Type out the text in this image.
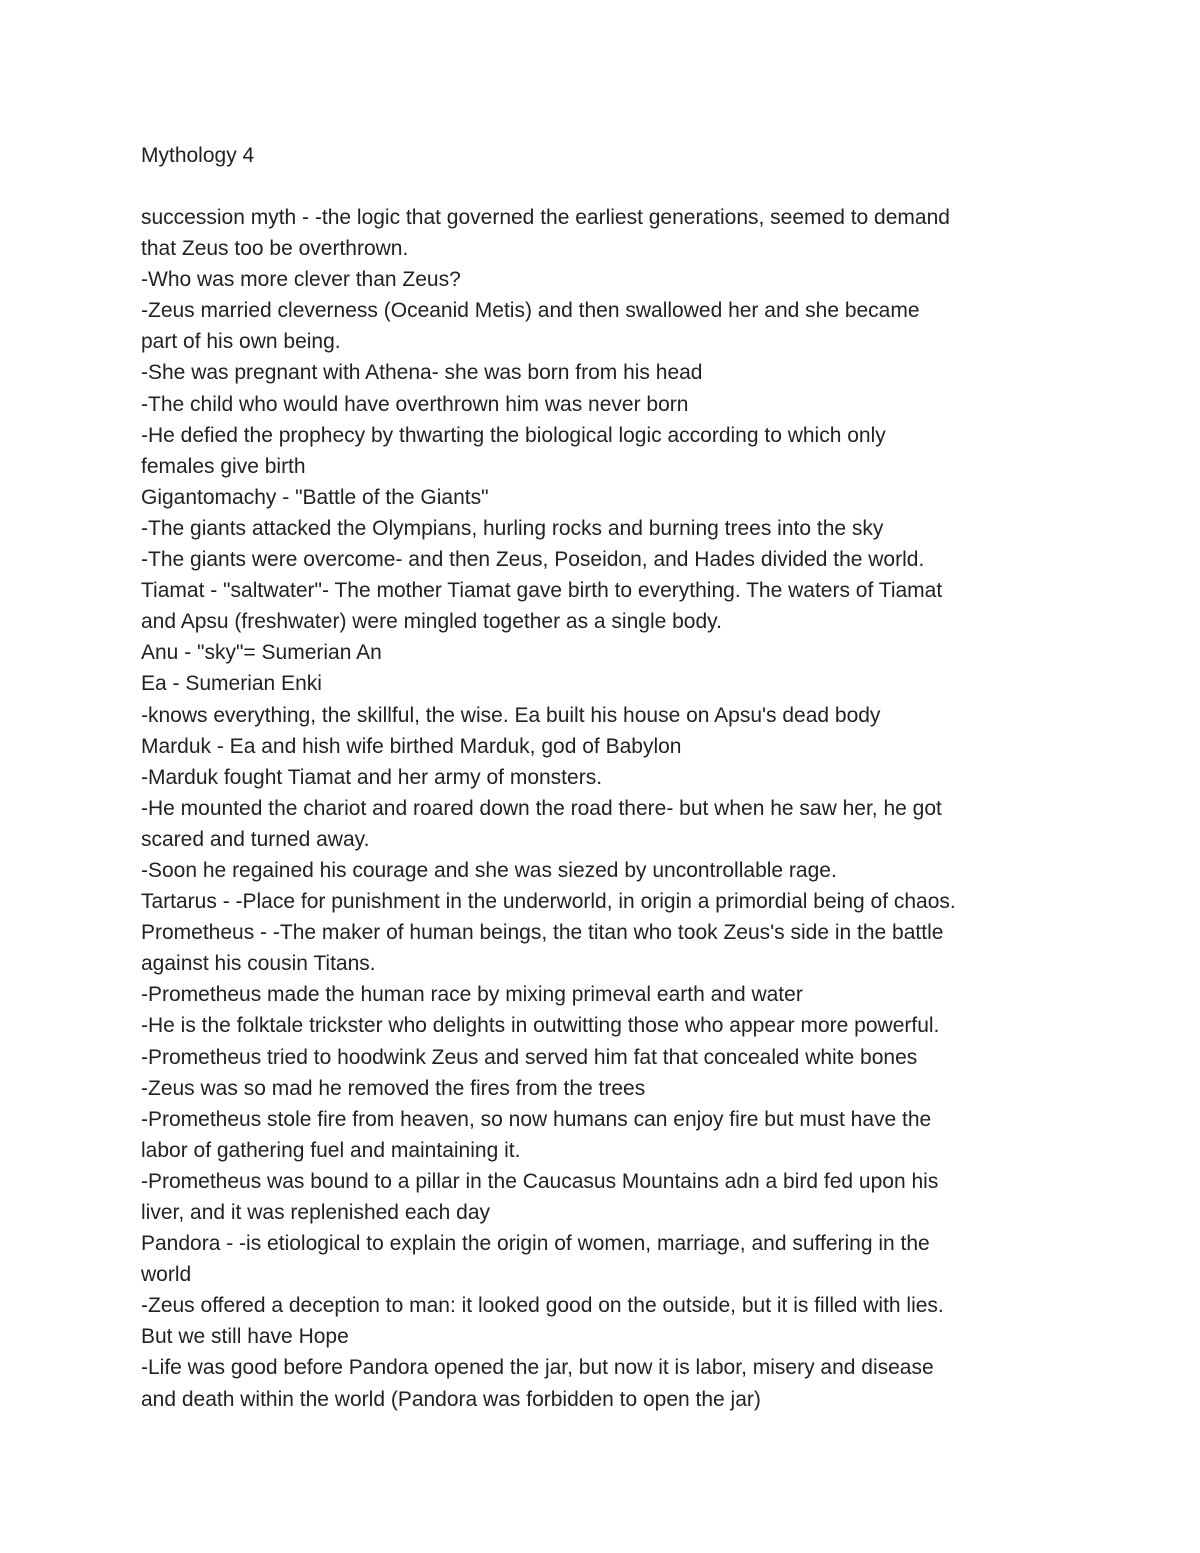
Mythology 4
succession myth - -the logic that governed the earliest generations, seemed to demand
that Zeus too be overthrown.
-Who was more clever than Zeus?
-Zeus married cleverness (Oceanid Metis) and then swallowed her and she became
part of his own being.
-She was pregnant with Athena- she was born from his head
-The child who would have overthrown him was never born
-He defied the prophecy by thwarting the biological logic according to which only
females give birth
Gigantomachy - "Battle of the Giants"
-The giants attacked the Olympians, hurling rocks and burning trees into the sky
-The giants were overcome- and then Zeus, Poseidon, and Hades divided the world.
Tiamat - "saltwater"- The mother Tiamat gave birth to everything. The waters of Tiamat
and Apsu (freshwater) were mingled together as a single body.
Anu - "sky"= Sumerian An
Ea - Sumerian Enki
-knows everything, the skillful, the wise. Ea built his house on Apsu's dead body
Marduk - Ea and hish wife birthed Marduk, god of Babylon
-Marduk fought Tiamat and her army of monsters.
-He mounted the chariot and roared down the road there- but when he saw her, he got
scared and turned away.
-Soon he regained his courage and she was siezed by uncontrollable rage.
Tartarus - -Place for punishment in the underworld, in origin a primordial being of chaos.
Prometheus - -The maker of human beings, the titan who took Zeus's side in the battle
against his cousin Titans.
-Prometheus made the human race by mixing primeval earth and water
-He is the folktale trickster who delights in outwitting those who appear more powerful.
-Prometheus tried to hoodwink Zeus and served him fat that concealed white bones
-Zeus was so mad he removed the fires from the trees
-Prometheus stole fire from heaven, so now humans can enjoy fire but must have the
labor of gathering fuel and maintaining it.
-Prometheus was bound to a pillar in the Caucasus Mountains adn a bird fed upon his
liver, and it was replenished each day
Pandora - -is etiological to explain the origin of women, marriage, and suffering in the
world
-Zeus offered a deception to man: it looked good on the outside, but it is filled with lies.
But we still have Hope
-Life was good before Pandora opened the jar, but now it is labor, misery and disease
and death within the world (Pandora was forbidden to open the jar)
